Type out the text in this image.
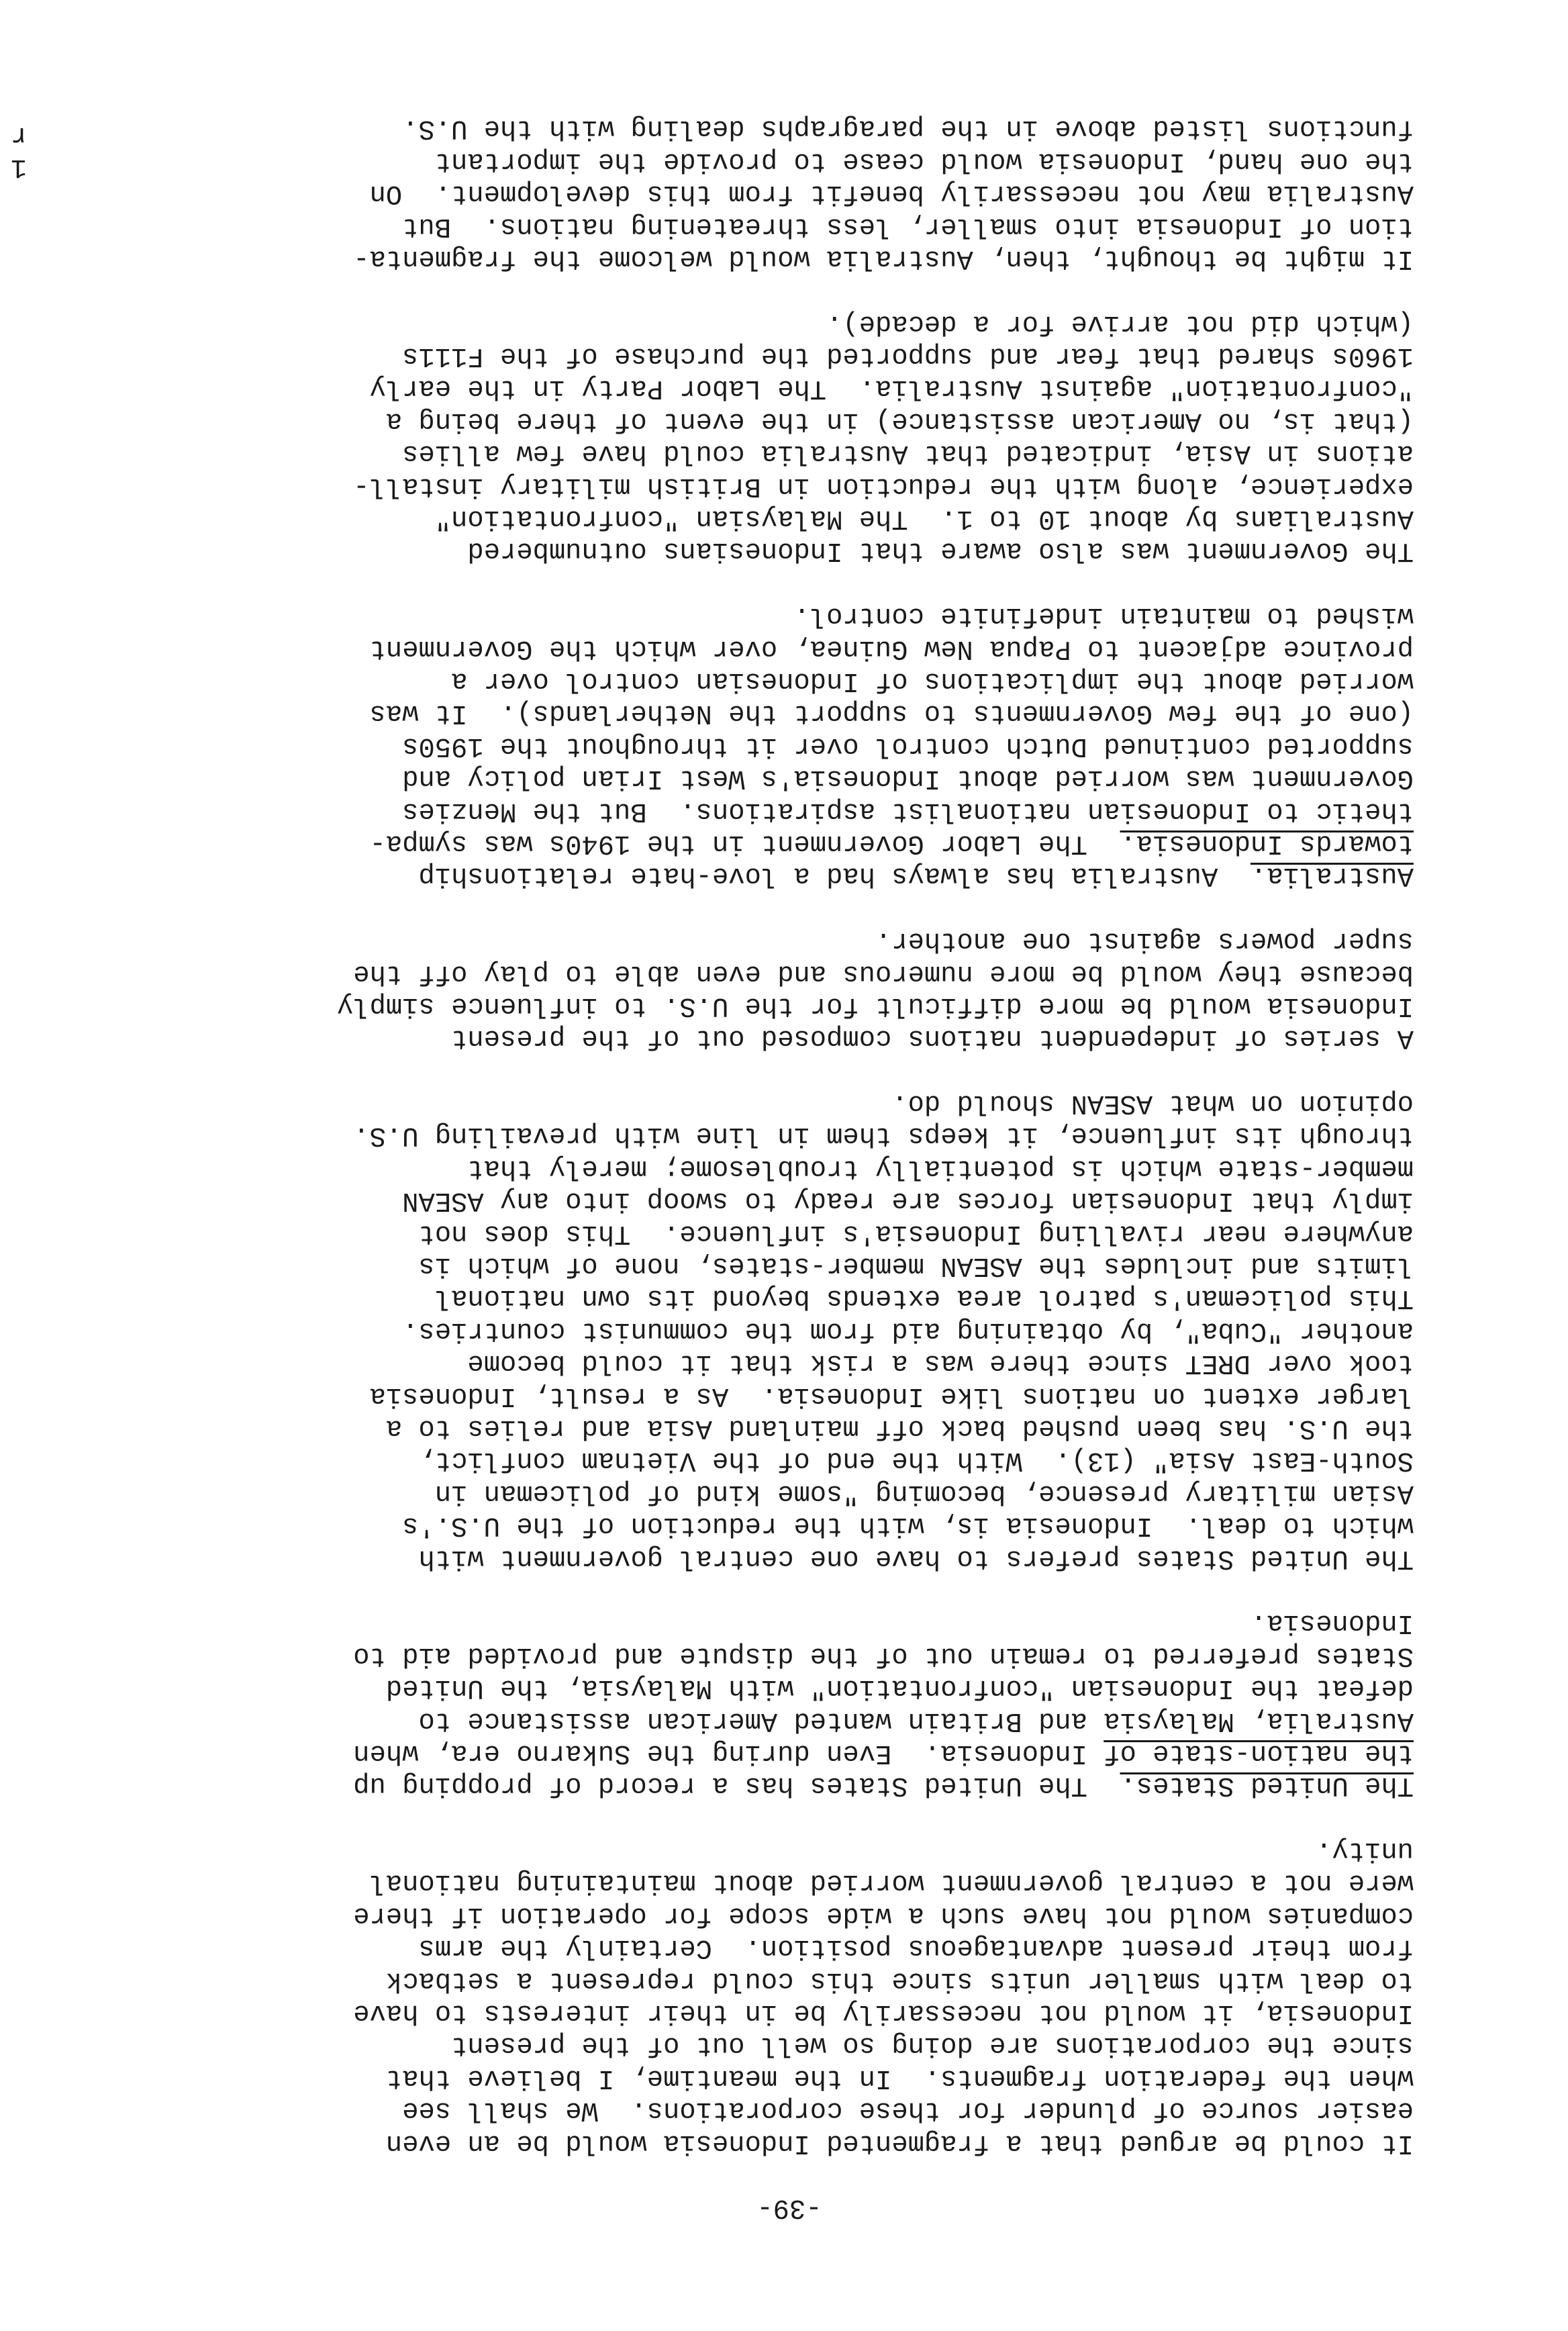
-39-
It could be argued that a fragmented Indonesia would be an even
easier source of plunder for these corporations.  We shall see
when the federation fragments.  In the meantime, I believe that
since the corporations are doing so well out of the present
Indonesia, it would not necessarily be in their interests to have
to deal with smaller units since this could represent a setback
from their present advantageous position.  Certainly the arms
companies would not have such a wide scope for operation if there
were not a central government worried about maintaining national
unity.
The United States.  The United States has a record of propping up
the nation-state of Indonesia.  Even during the Sukarno era, when
Australia, Malaysia and Britain wanted American assistance to
defeat the Indonesian "confrontation" with Malaysia, the United
States preferred to remain out of the dispute and provided aid to
Indonesia.
The United States prefers to have one central government with
which to deal.  Indonesia is, with the reduction of the U.S.'s
Asian military presence, becoming "some kind of policeman in
South-East Asia" (13).  With the end of the Vietnam conflict,
the U.S. has been pushed back off mainland Asia and relies to a
larger extent on nations like Indonesia.  As a result, Indonesia
took over DRET since there was a risk that it could become
another "Cuba", by obtaining aid from the communist countries.
This policeman's patrol area extends beyond its own national
limits and includes the ASEAN member-states, none of which is
anywhere near rivalling Indonesia's influence.  This does not
imply that Indonesian forces are ready to swoop into any ASEAN
member-state which is potentially troublesome; merely that
through its influence, it keeps them in line with prevailing U.S.
opinion on what ASEAN should do.
A series of independent nations composed out of the present
Indonesia would be more difficult for the U.S. to influence simply
because they would be more numerous and even able to play off the
super powers against one another.
Australia.  Australia has always had a love-hate relationship
towards Indonesia.  The Labor Government in the 1940s was sympa-
thetic to Indonesian nationalist aspirations.  But the Menzies
Government was worried about Indonesia's West Irian policy and
supported continued Dutch control over it throughout the 1950s
(one of the few Governments to support the Netherlands).  It was
worried about the implications of Indonesian control over a
province adjacent to Papua New Guinea, over which the Government
wished to maintain indefinite control.
The Government was also aware that Indonesians outnumbered
Australians by about 10 to 1.  The Malaysian "confrontation"
experience, along with the reduction in British military install-
ations in Asia, indicated that Australia could have few allies
(that is, no American assistance) in the event of there being a
"confrontation" against Australia.  The Labor Party in the early
1960s shared that fear and supported the purchase of the F111s
(which did not arrive for a decade).
It might be thought, then, Australia would welcome the fragmenta-
tion of Indonesia into smaller, less threatening nations.  But
Australia may not necessarily benefit from this development.  On
the one hand, Indonesia would cease to provide the important
functions listed above in the paragraphs dealing with the U.S.
1
r
